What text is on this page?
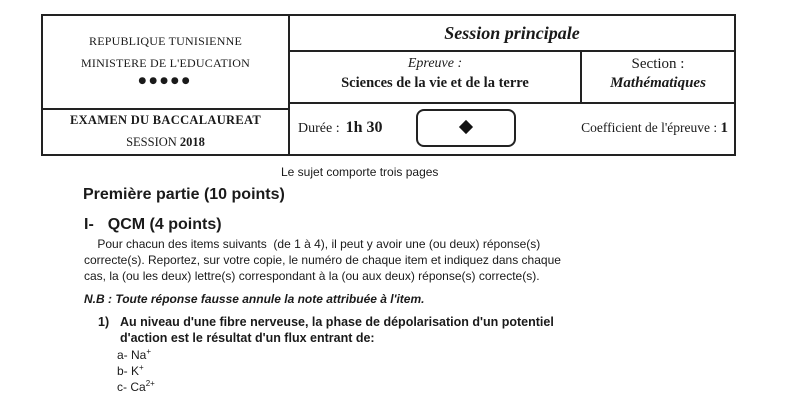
REPUBLIQUE TUNISIENNE
MINISTERE DE L'EDUCATION
●●●●●
EXAMEN DU BACCALAUREAT
SESSION 2018
Session principale
Epreuve :
Sciences de la vie et de la terre
Section :
Mathématiques
Durée : 1h 30	Coefficient de l'épreuve : 1
Le sujet comporte trois pages
Première partie (10 points)
I- QCM (4 points)
Pour chacun des items suivants  (de 1 à 4), il peut y avoir une (ou deux) réponse(s)
correcte(s). Reportez, sur votre copie, le numéro de chaque item et indiquez dans chaque
cas, la (ou les deux) lettre(s) correspondant à la (ou aux deux) réponse(s) correcte(s).
N.B : Toute réponse fausse annule la note attribuée à l'item.
1) Au niveau d'une fibre nerveuse, la phase de dépolarisation d'un potentiel
d'action est le résultat d'un flux entrant de:
a- Na+
b- K+
c- $Ca^{2+}$
